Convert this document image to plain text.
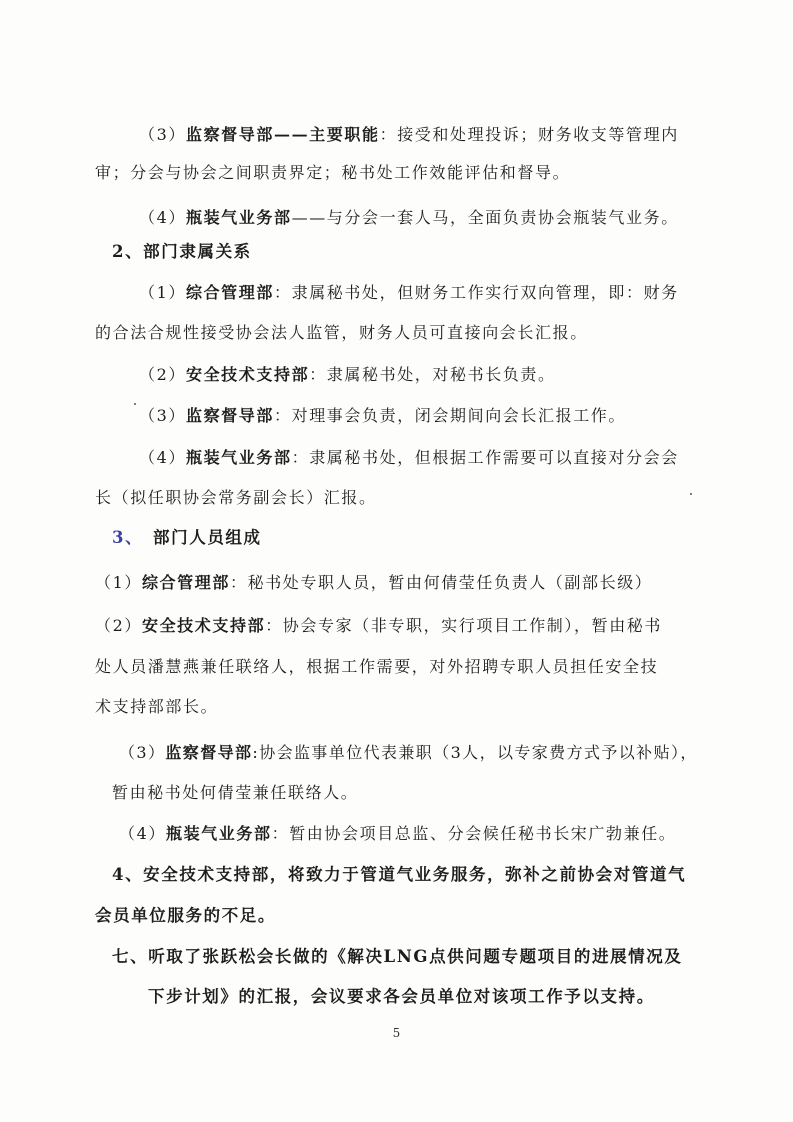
（3）监察督导部——主要职能：接受和处理投诉；财务收支等管理内
审；分会与协会之间职责界定；秘书处工作效能评估和督导。
（4）瓶装气业务部——与分会一套人马，全面负责协会瓶装气业务。
2、部门隶属关系
（1）综合管理部：隶属秘书处，但财务工作实行双向管理，即：财务
的合法合规性接受协会法人监管，财务人员可直接向会长汇报。
（2）安全技术支持部：隶属秘书处，对秘书长负责。
（3）监察督导部：对理事会负责，闭会期间向会长汇报工作。
（4）瓶装气业务部：隶属秘书处，但根据工作需要可以直接对分会会
长（拟任职协会常务副会长）汇报。
3、　部门人员组成
（1）综合管理部：秘书处专职人员，暂由何倩莹任负责人（副部长级）
（2）安全技术支持部：协会专家（非专职，实行项目工作制），暂由秘书
处人员潘慧燕兼任联络人，根据工作需要，对外招聘专职人员担任安全技
术支持部部长。
（3）监察督导部:协会监事单位代表兼职（3人，以专家费方式予以补贴），
暂由秘书处何倩莹兼任联络人。
（4）瓶装气业务部：暂由协会项目总监、分会候任秘书长宋广勃兼任。
4、安全技术支持部，将致力于管道气业务服务，弥补之前协会对管道气
会员单位服务的不足。
七、听取了张跃松会长做的《解决LNG点供问题专题项目的进展情况及
下步计划》的汇报，会议要求各会员单位对该项工作予以支持。
5
